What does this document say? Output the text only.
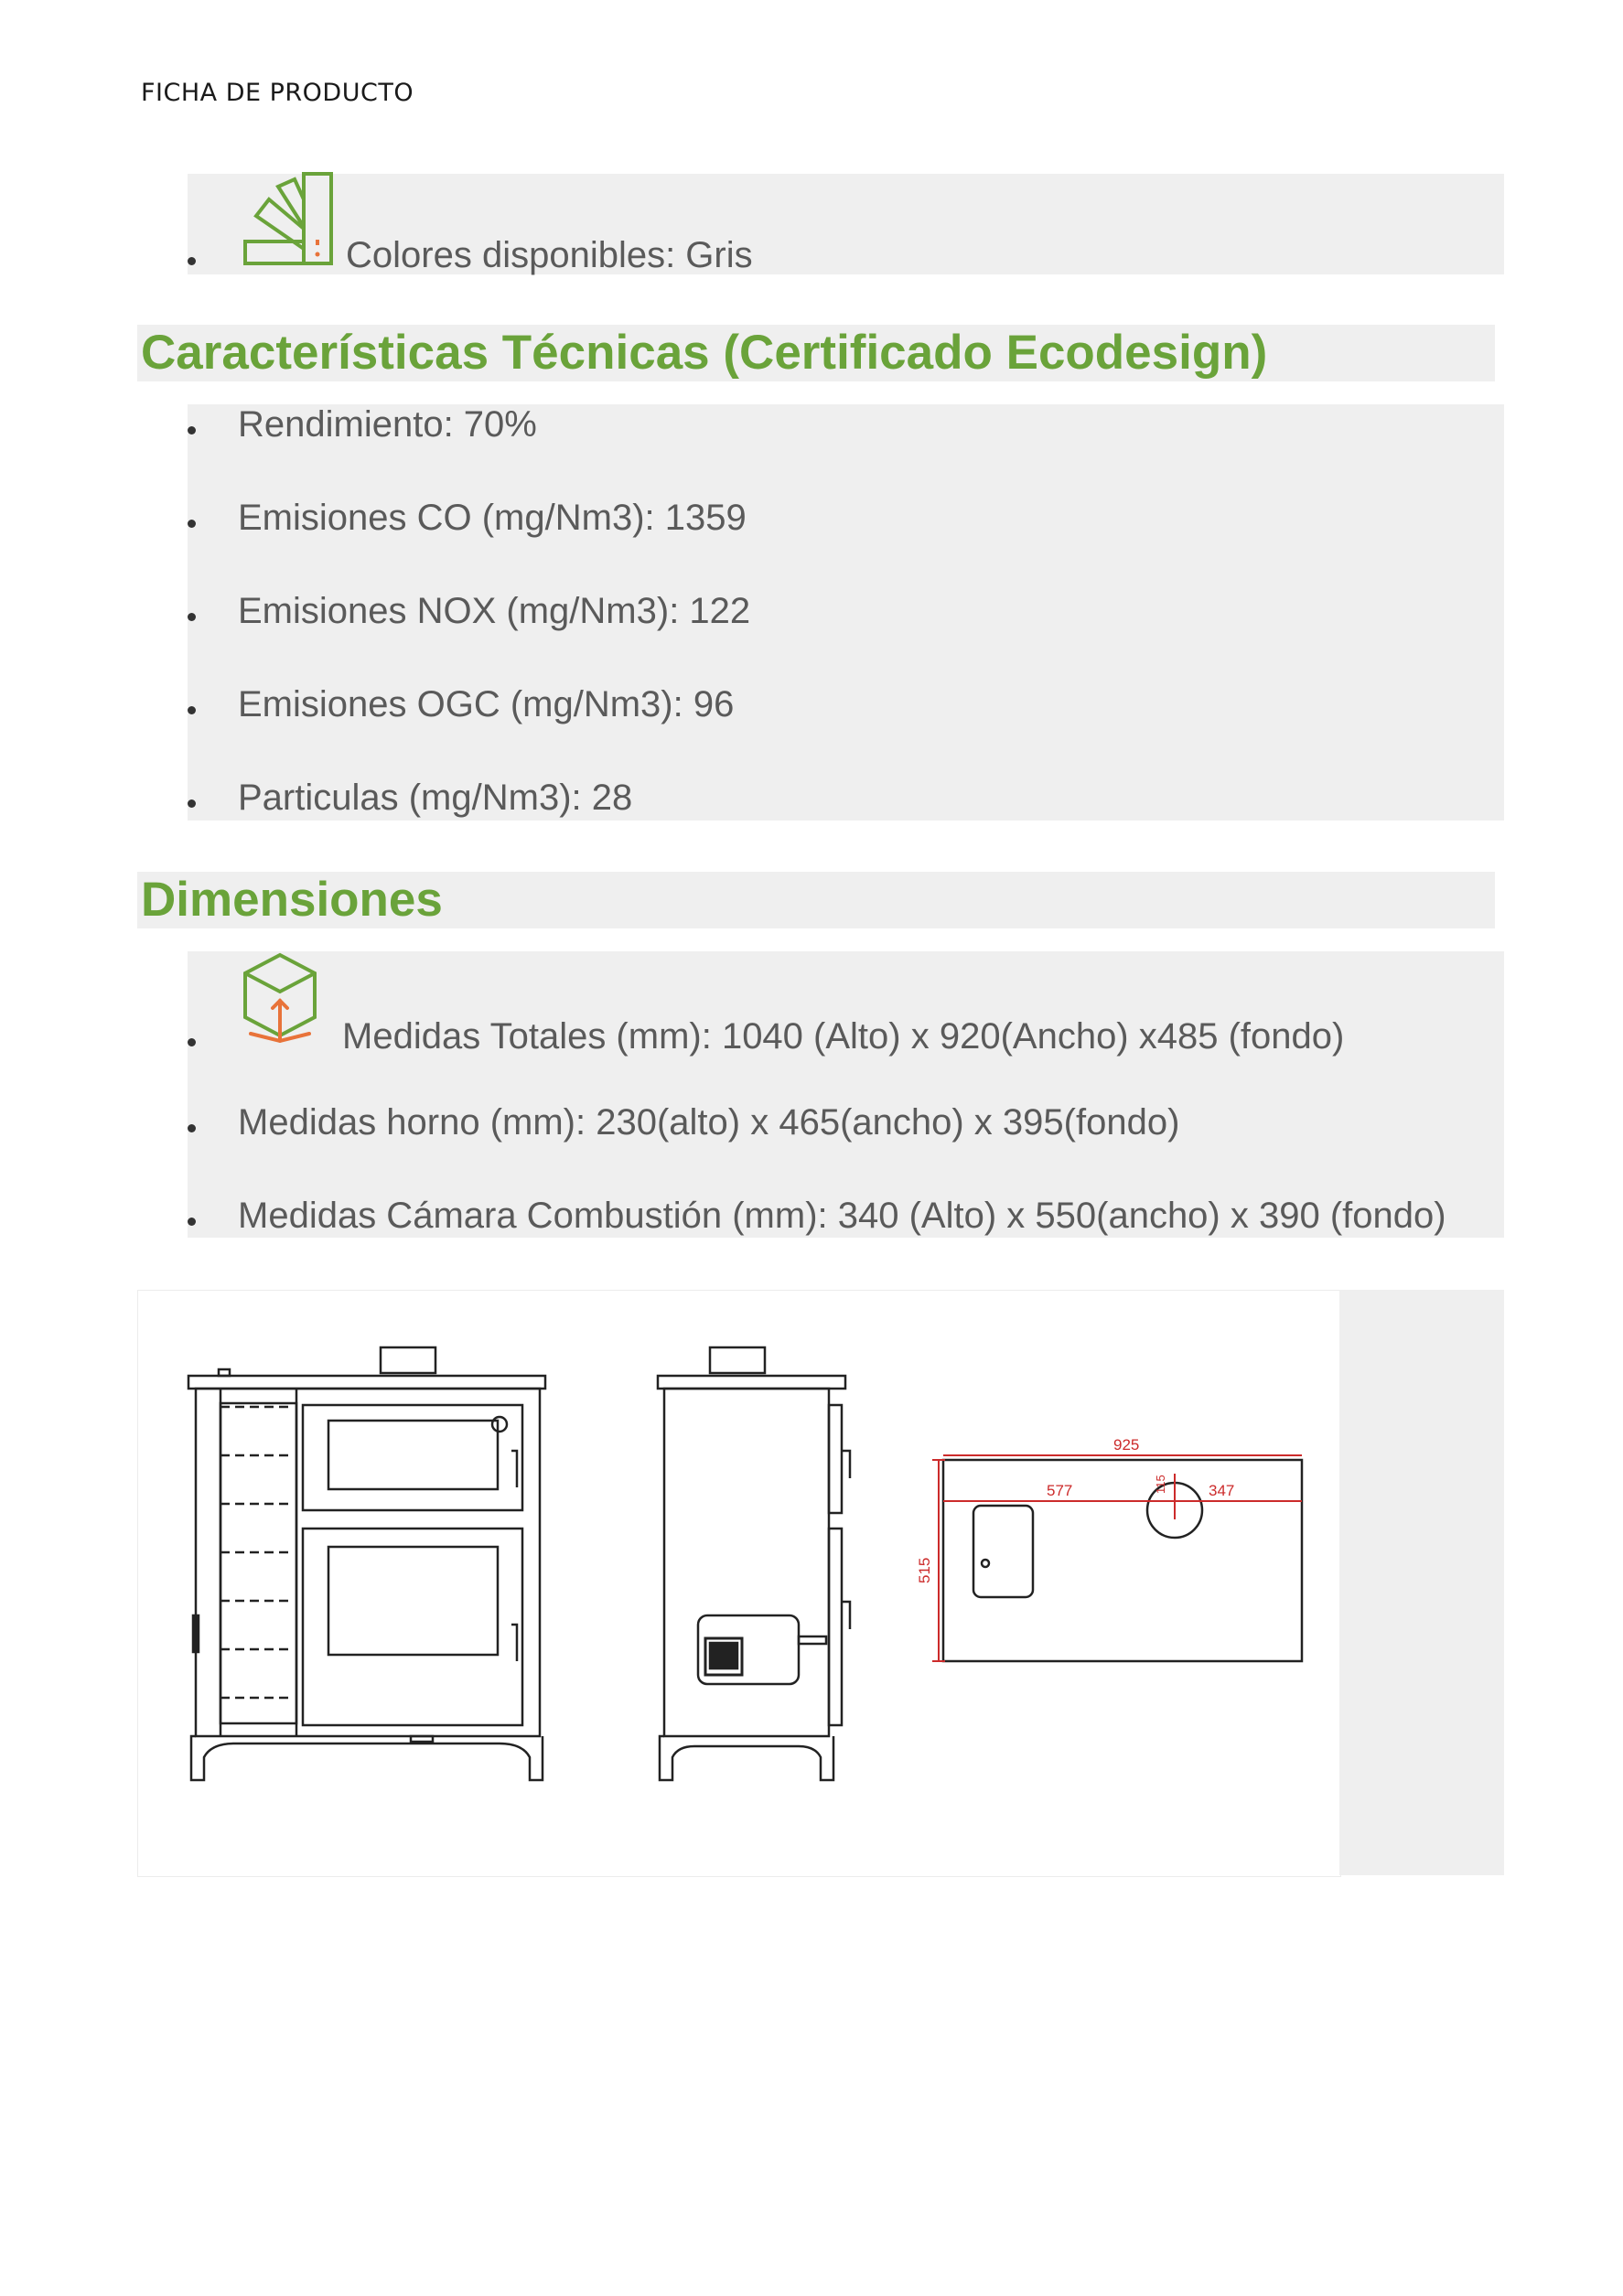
FICHA DE PRODUCTO
Colores disponibles: Gris
Características Técnicas (Certificado Ecodesign)
Rendimiento: 70%
Emisiones CO (mg/Nm3): 1359
Emisiones NOX (mg/Nm3): 122
Emisiones OGC (mg/Nm3): 96
Particulas (mg/Nm3): 28
Dimensiones
Medidas Totales (mm): 1040 (Alto) x 920(Ancho) x485 (fondo)
Medidas horno (mm): 230(alto) x 465(ancho) x 395(fondo)
Medidas Cámara Combustión (mm): 340 (Alto) x 550(ancho) x 390 (fondo)
925
577	347
515
115
